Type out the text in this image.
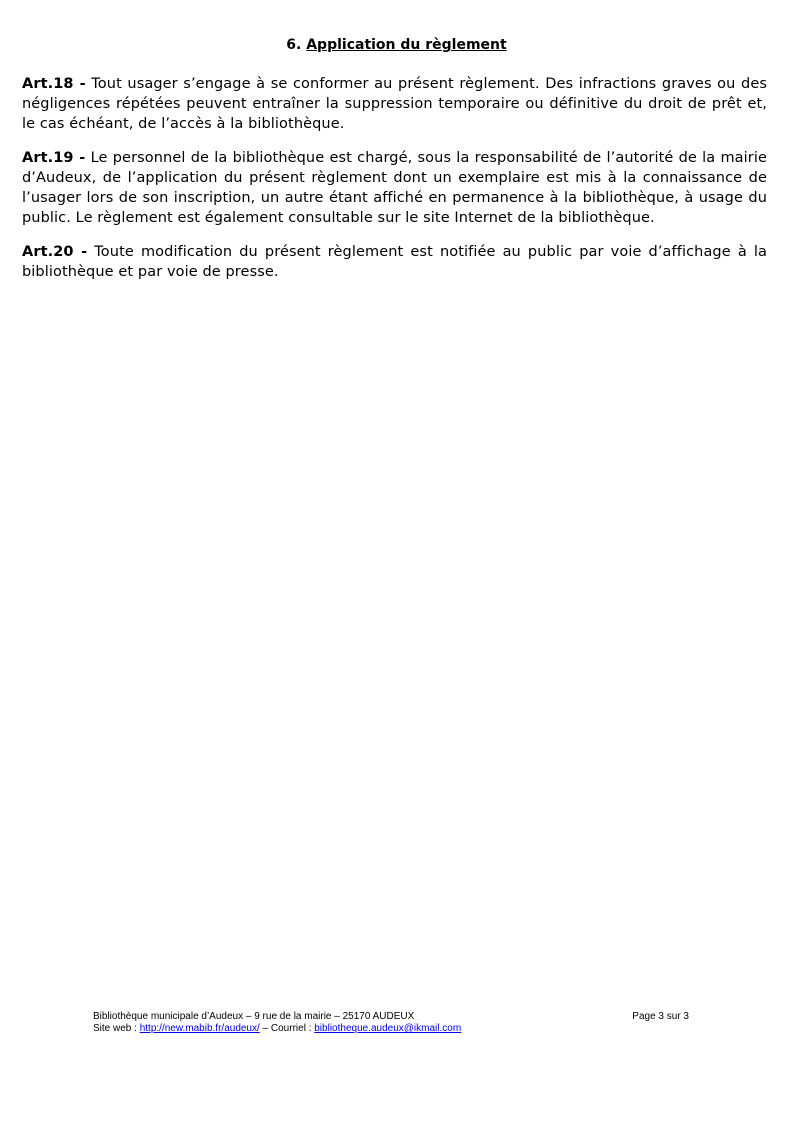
6. Application du règlement

Art.18 - Tout usager s’engage à se conformer au présent règlement. Des infractions graves ou des négligences répétées peuvent entraîner la suppression temporaire ou définitive du droit de prêt et, le cas échéant, de l’accès à la bibliothèque.

Art.19 - Le personnel de la bibliothèque est chargé, sous la responsabilité de l’autorité de la mairie d’Audeux, de l’application du présent règlement dont un exemplaire est mis à la connaissance de l’usager lors de son inscription, un autre étant affiché en permanence à la bibliothèque, à usage du public. Le règlement est également consultable sur le site Internet de la bibliothèque.

Art.20 - Toute modification du présent règlement est notifiée au public par voie d’affichage à la bibliothèque et par voie de presse.

Bibliothèque municipale d’Audeux – 9 rue de la mairie – 25170 AUDEUX	Page 3 sur 3
Site web : http://new.mabib.fr/audeux/ – Courriel : bibliotheque.audeux@ikmail.com
